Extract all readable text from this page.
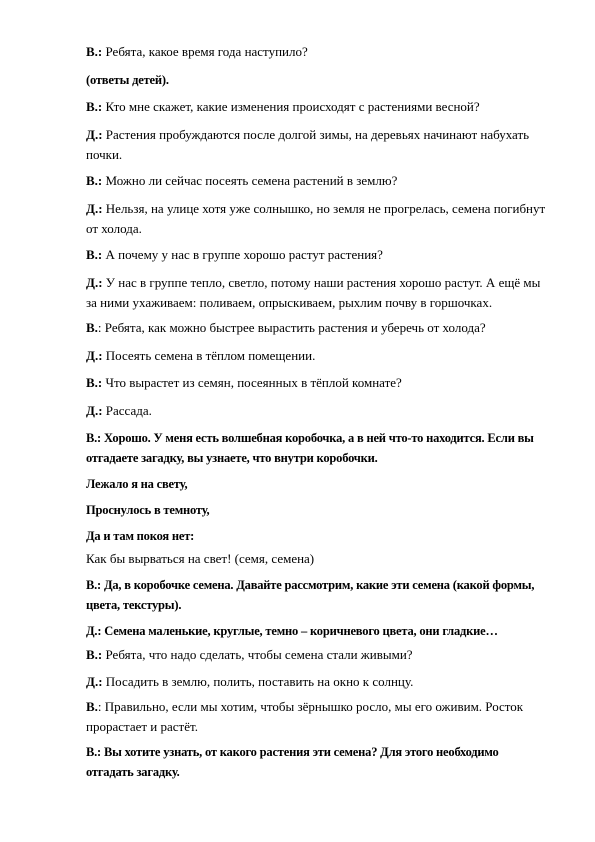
В.: Ребята, какое время года наступило?

(ответы детей).

В.: Кто мне скажет, какие изменения происходят с растениями весной?

Д.: Растения пробуждаются после долгой зимы, на деревьях начинают набухать почки.

В.: Можно ли сейчас посеять семена растений в землю?

Д.: Нельзя, на улице хотя уже солнышко, но земля не прогрелась, семена погибнут от холода.

В.: А почему у нас в группе хорошо растут растения?

Д.: У нас в группе тепло, светло, потому наши растения хорошо растут. А ещё мы за ними ухаживаем: поливаем, опрыскиваем, рыхлим почву в горшочках.

В.: Ребята, как можно быстрее вырастить растения и уберечь от холода?

Д.: Посеять семена в тёплом помещении.

В.: Что вырастет из семян, посеянных в тёплой комнате?

Д.: Рассада.

В.: Хорошо. У меня есть волшебная коробочка, а в ней что-то находится. Если вы отгадаете загадку, вы узнаете, что внутри коробочки.

Лежало я на свету,

Проснулось в темноту,

Да и там покоя нет:

Как бы вырваться на свет! (семя, семена)

В.: Да, в коробочке семена. Давайте рассмотрим, какие эти семена (какой формы, цвета, текстуры).

Д.: Семена маленькие, круглые, темно – коричневого цвета, они гладкие…

В.: Ребята, что надо сделать, чтобы семена стали живыми?

Д.: Посадить в землю, полить, поставить на окно к солнцу.

В.: Правильно, если мы хотим, чтобы зёрнышко росло, мы его оживим. Росток прорастает и растёт.

В.: Вы хотите узнать, от какого растения эти семена? Для этого необходимо отгадать загадку.
